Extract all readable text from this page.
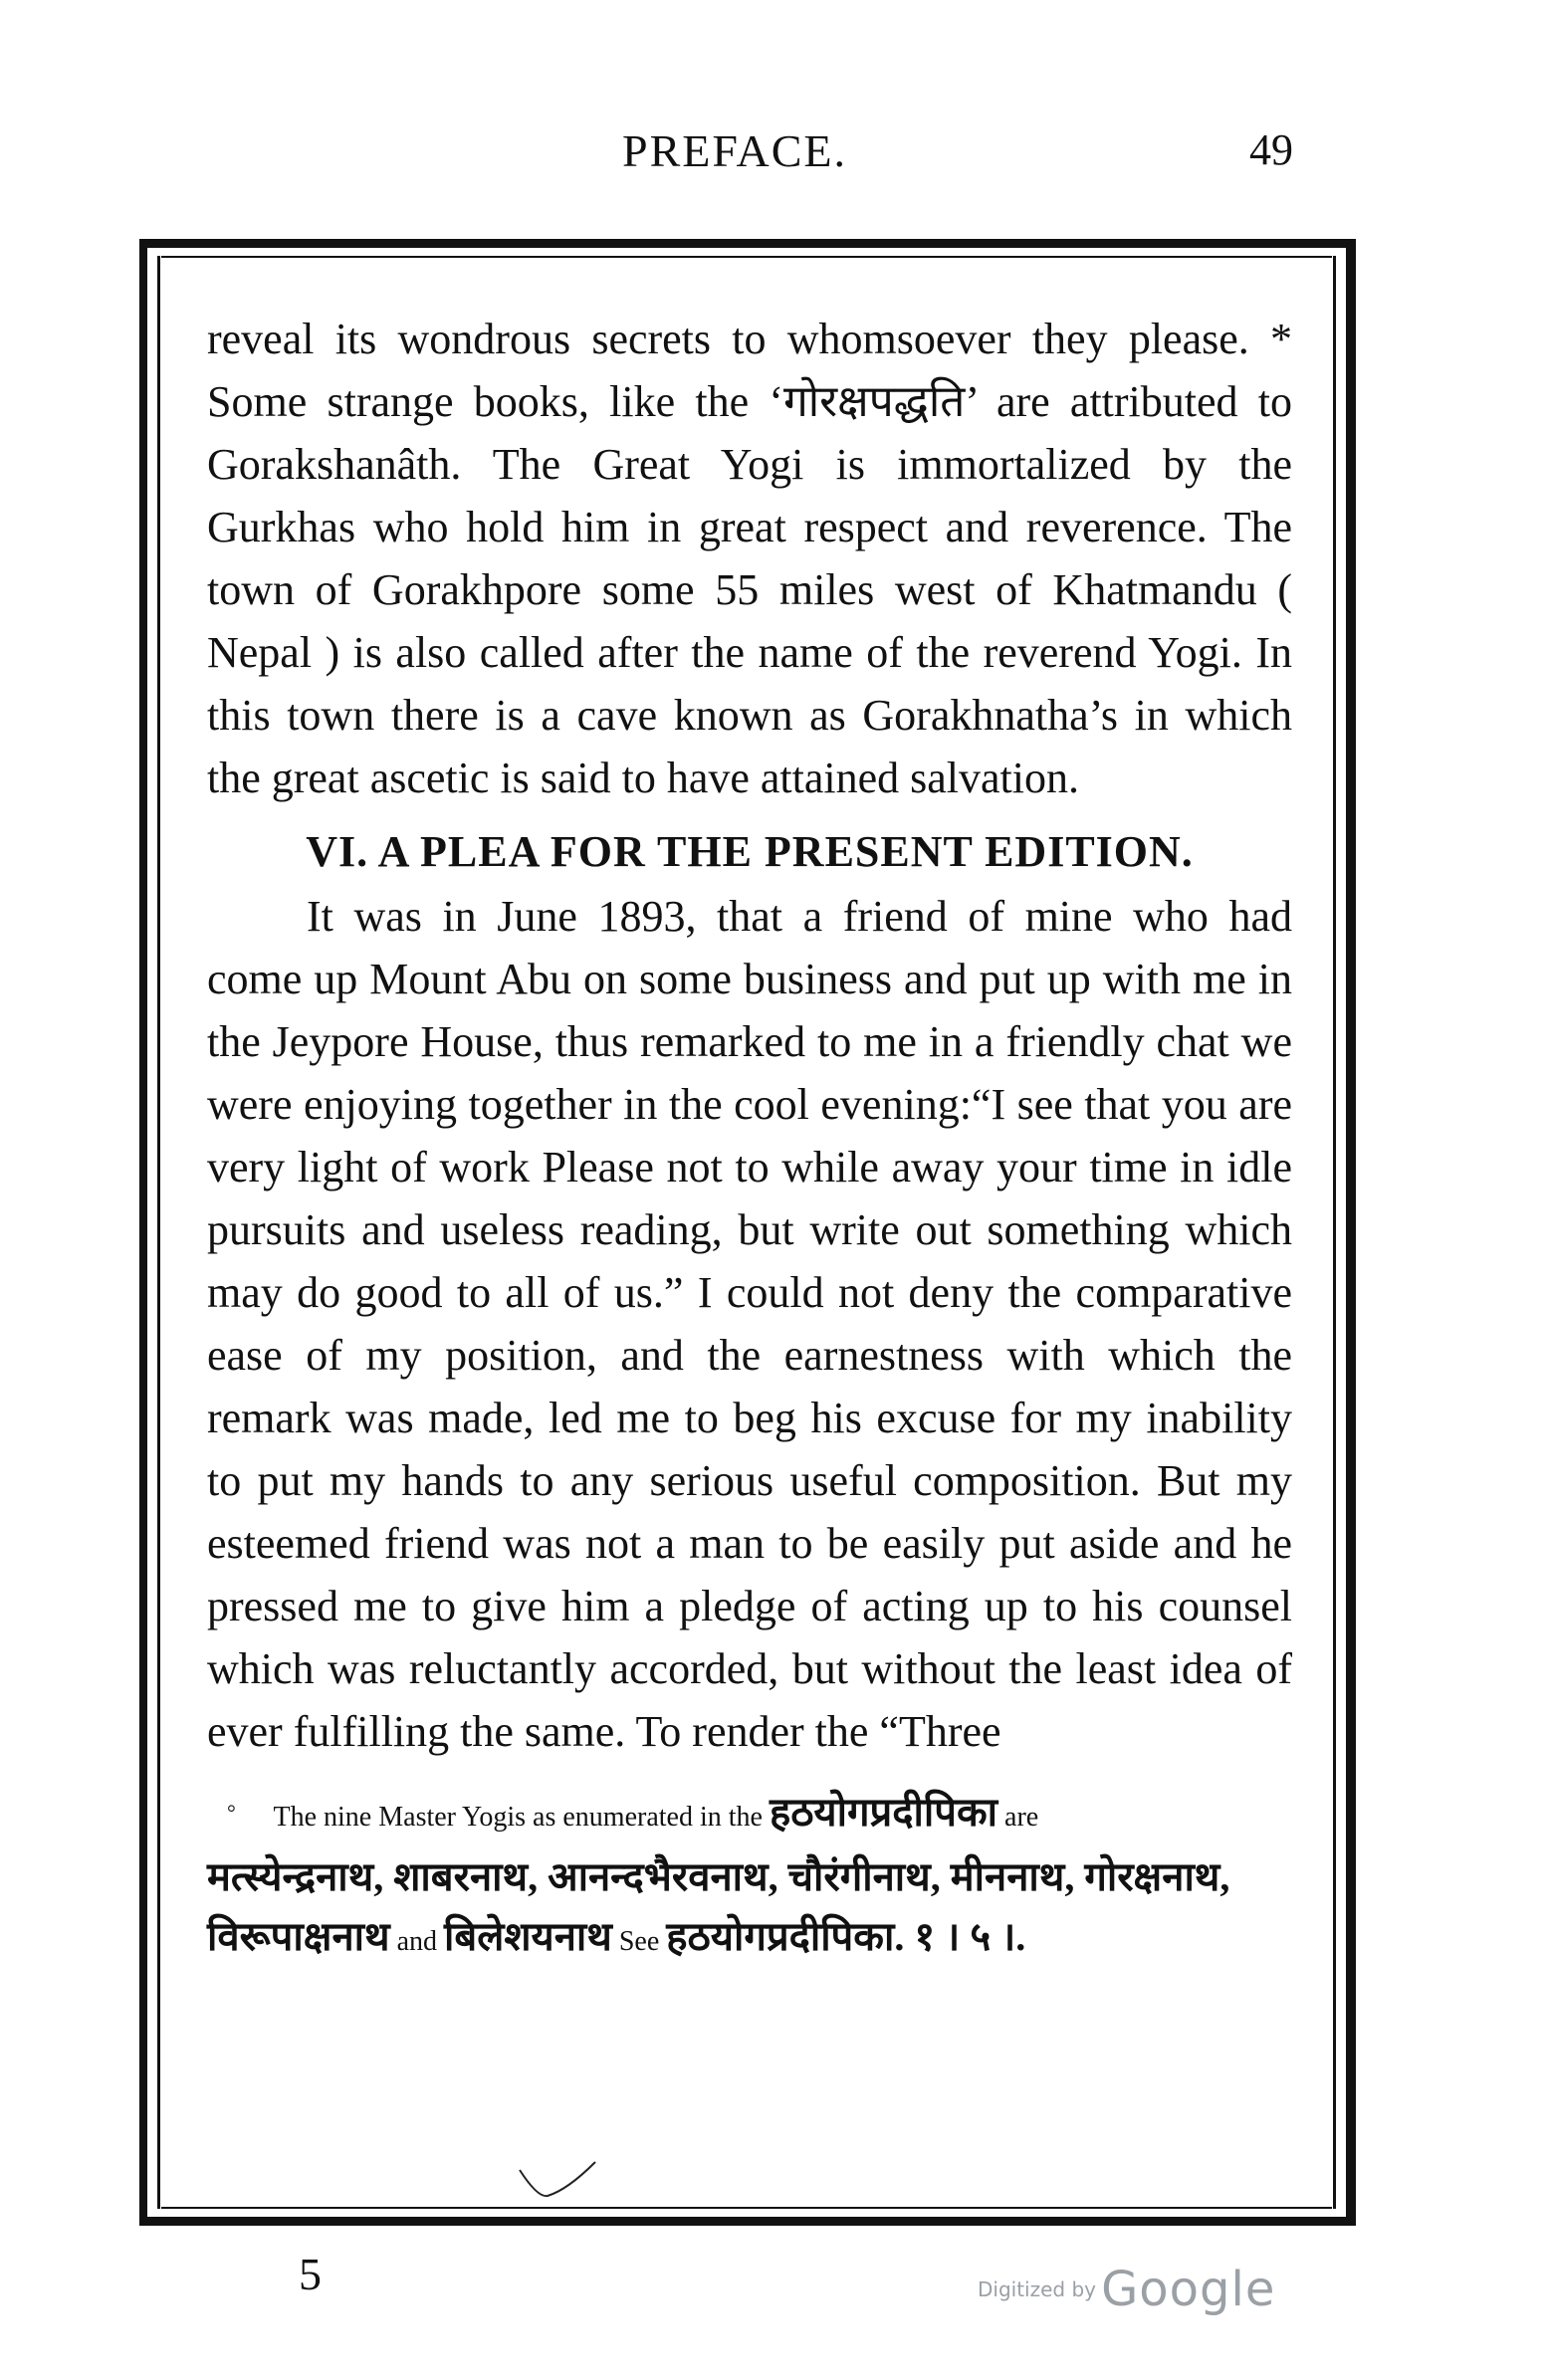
PREFACE.	49

reveal its wondrous secrets to whomsoever they please. * Some strange books, like the ‘गोरक्षपद्धति’ are attributed to Gorakshanâth. The Great Yogi is immortalized by the Gurkhas who hold him in great respect and reverence. The town of Gorakhpore some 55 miles west of Khatmandu ( Nepal ) is also called after the name of the reverend Yogi. In this town there is a cave known as Gorakhnatha’s in which the great ascetic is said to have attained salvation.

VI. A PLEA FOR THE PRESENT EDITION.

It was in June 1893, that a friend of mine who had come up Mount Abu on some business and put up with me in the Jeypore House, thus remarked to me in a friendly chat we were enjoying together in the cool evening:“I see that you are very light of work Please not to while away your time in idle pursuits and useless reading, but write out something which may do good to all of us.” I could not deny the comparative ease of my position, and the earnestness with which the remark was made, led me to beg his excuse for my inability to put my hands to any serious useful composition. But my esteemed friend was not a man to be easily put aside and he pressed me to give him a pledge of acting up to his counsel which was reluctantly accorded, but without the least idea of ever fulfilling the same. To render the “Three

° The nine Master Yogis as enumerated in the हठयोगप्रदीपिका are
मत्स्येन्द्रनाथ, शाबरनाथ, आनन्दभैरवनाथ, चौरंगीनाथ, मीननाथ, गोरक्षनाथ,
विरूपाक्षनाथ and बिलेशयनाथ See हठयोगप्रदीपिका. १ । ५ ।.
5	Digitized by Google
